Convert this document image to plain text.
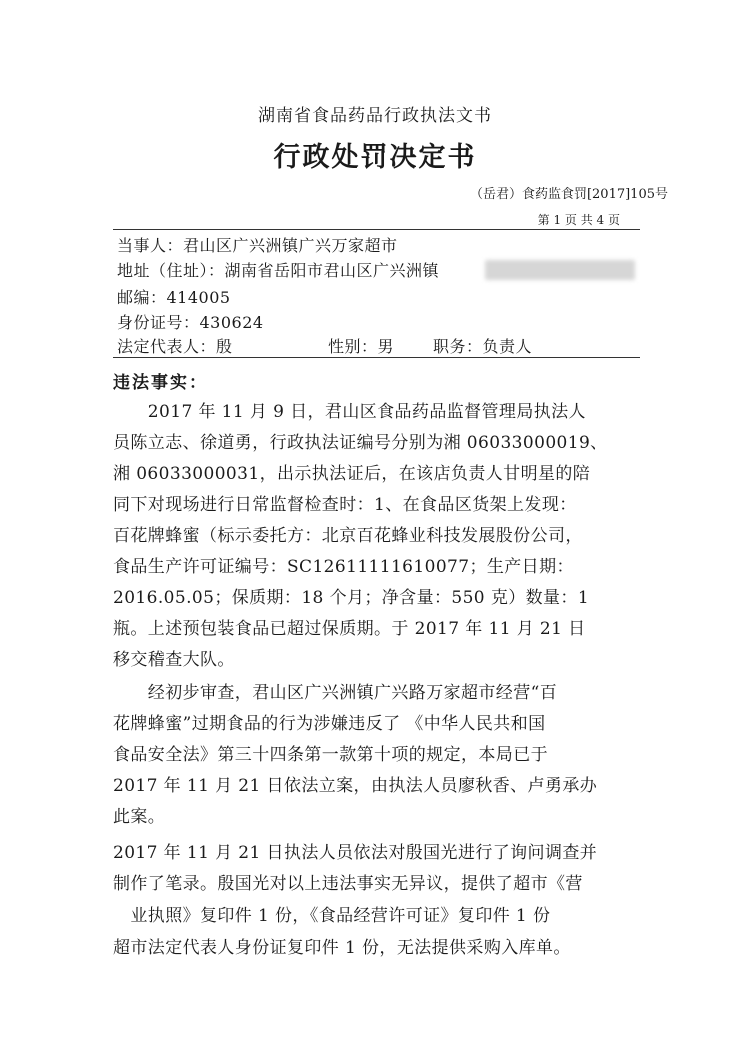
湖南省食品药品行政执法文书
行政处罚决定书
（岳君）食药监食罚[2017]105号
第 1 页 共 4 页
当事人：君山区广兴洲镇广兴万家超市
地址（住址）：湖南省岳阳市君山区广兴洲镇
邮编：414005
身份证号：430624
法定代表人：殷	性别：男 职务：负责人
违法事实：
　　2017 年 11 月 9 日，君山区食品药品监督管理局执法人
员陈立志、徐道勇，行政执法证编号分别为湘 06033000019、
湘 06033000031，出示执法证后，在该店负责人甘明星的陪
同下对现场进行日常监督检查时：1、在食品区货架上发现：
百花牌蜂蜜（标示委托方：北京百花蜂业科技发展股份公司，
食品生产许可证编号：SC12611111610077；生产日期：
2016.05.05；保质期：18 个月；净含量：550 克）数量：1
瓶。上述预包装食品已超过保质期。于 2017 年 11 月 21 日
移交稽查大队。
　　经初步审查，君山区广兴洲镇广兴路万家超市经营“百
花牌蜂蜜”过期食品的行为涉嫌违反了 《中华人民共和国
食品安全法》第三十四条第一款第十项的规定，本局已于
2017 年 11 月 21 日依法立案，由执法人员廖秋香、卢勇承办
此案。
2017 年 11 月 21 日执法人员依法对殷国光进行了询问调查并
制作了笔录。殷国光对以上违法事实无异议，提供了超市《营
　业执照》复印件 1 份，《食品经营许可证》复印件 1 份
超市法定代表人身份证复印件 1 份，无法提供采购入库单。
